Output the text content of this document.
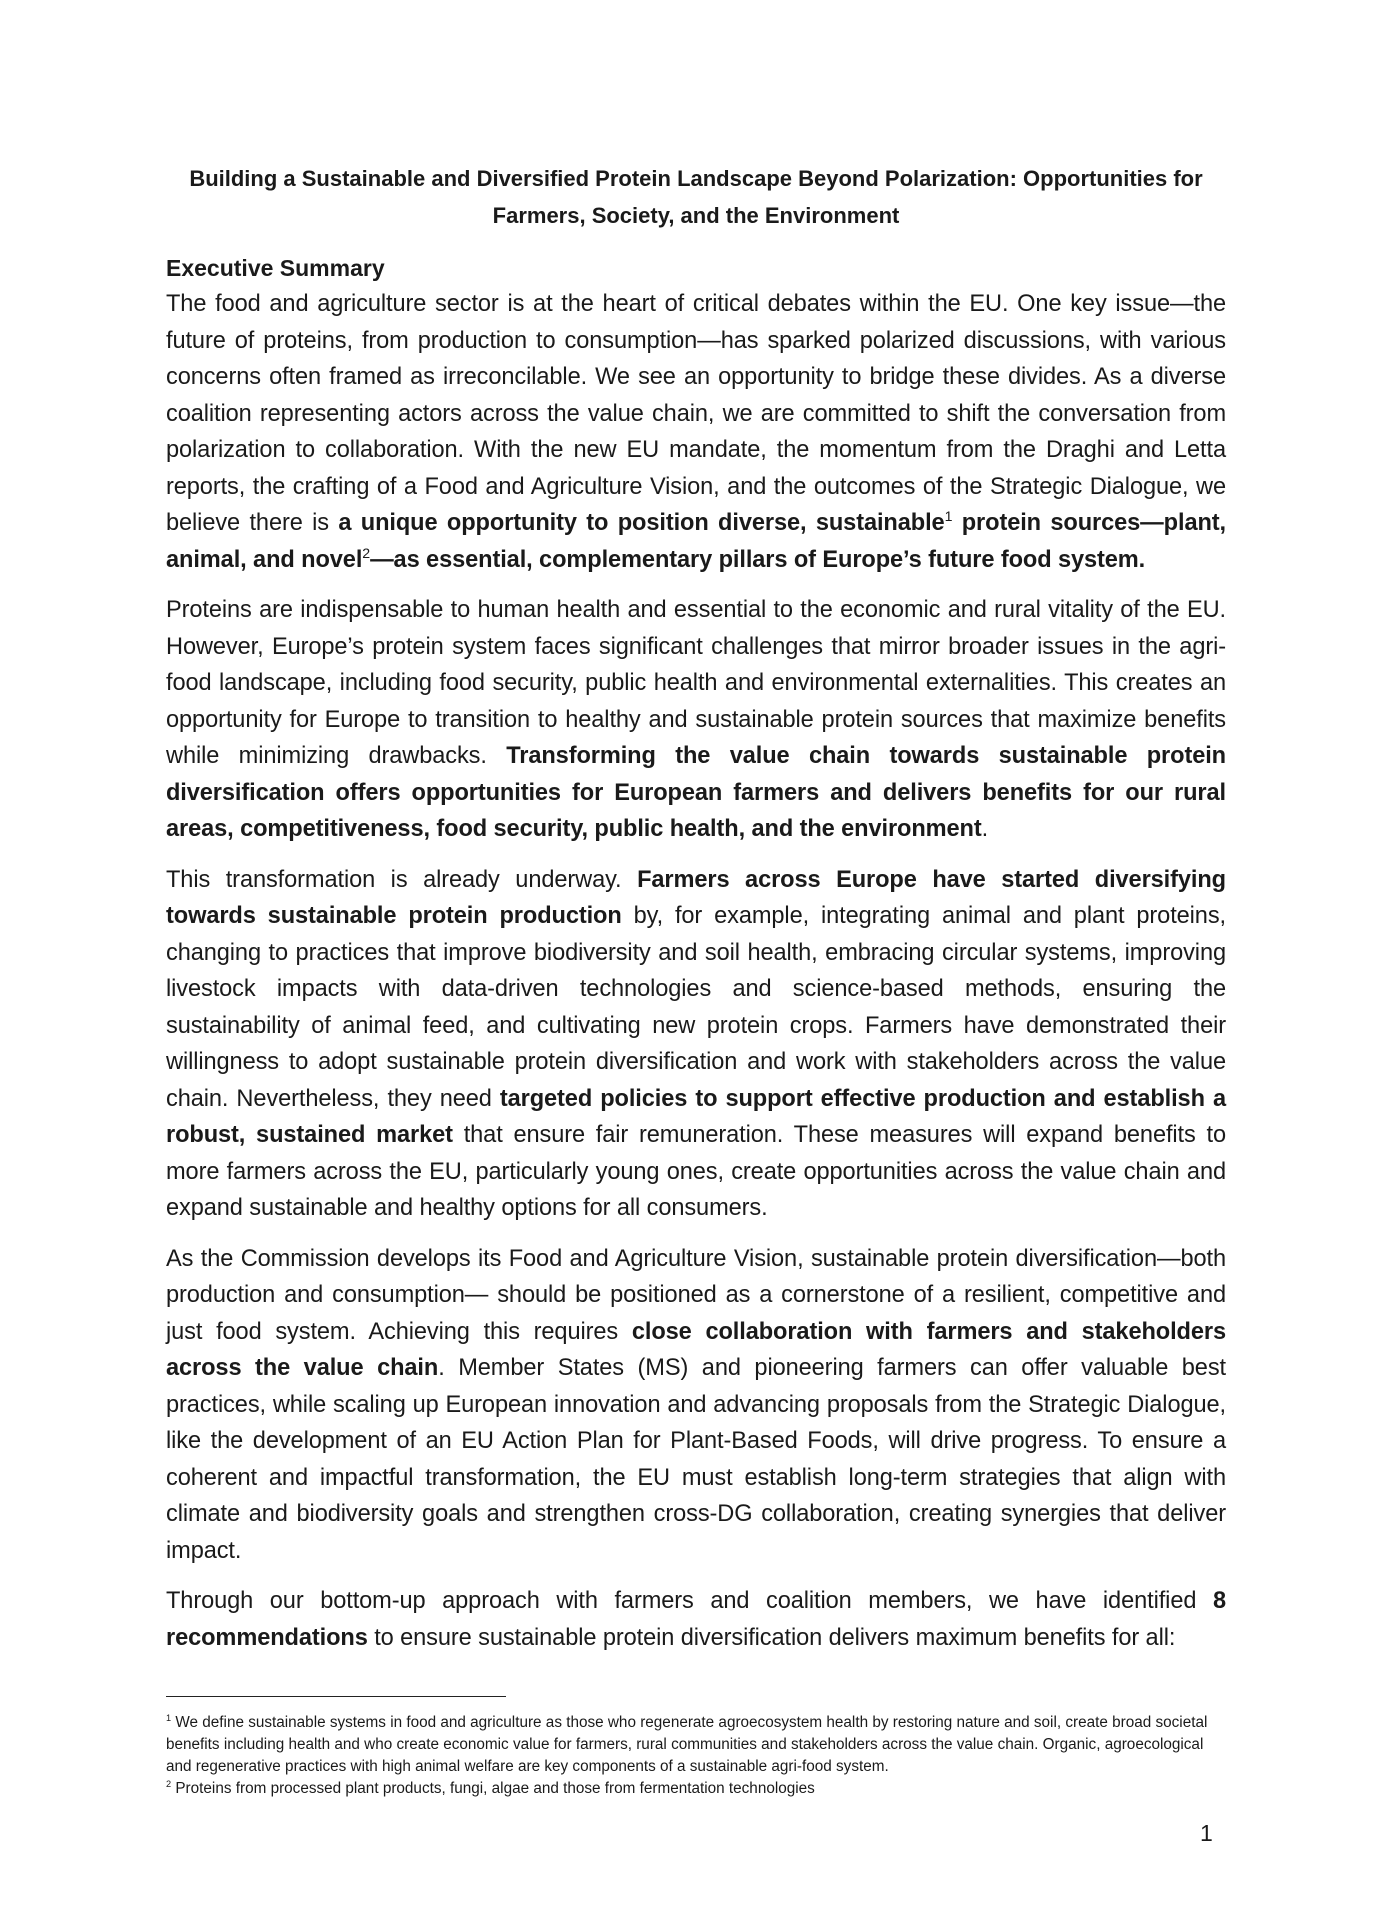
Building a Sustainable and Diversified Protein Landscape Beyond Polarization: Opportunities for
Farmers, Society, and the Environment

Executive Summary

The food and agriculture sector is at the heart of critical debates within the EU. One key issue—the future of proteins, from production to consumption—has sparked polarized discussions, with various concerns often framed as irreconcilable. We see an opportunity to bridge these divides. As a diverse coalition representing actors across the value chain, we are committed to shift the conversation from polarization to collaboration. With the new EU mandate, the momentum from the Draghi and Letta reports, the crafting of a Food and Agriculture Vision, and the outcomes of the Strategic Dialogue, we believe there is a unique opportunity to position diverse, sustainable$^1$ protein sources—plant, animal, and novel$^2$—as essential, complementary pillars of Europe’s future food system.

Proteins are indispensable to human health and essential to the economic and rural vitality of the EU. However, Europe’s protein system faces significant challenges that mirror broader issues in the agri-food landscape, including food security, public health and environmental externalities. This creates an opportunity for Europe to transition to healthy and sustainable protein sources that maximize benefits while minimizing drawbacks. Transforming the value chain towards sustainable protein diversification offers opportunities for European farmers and delivers benefits for our rural areas, competitiveness, food security, public health, and the environment.

This transformation is already underway. Farmers across Europe have started diversifying towards sustainable protein production by, for example, integrating animal and plant proteins, changing to practices that improve biodiversity and soil health, embracing circular systems, improving livestock impacts with data-driven technologies and science-based methods, ensuring the sustainability of animal feed, and cultivating new protein crops. Farmers have demonstrated their willingness to adopt sustainable protein diversification and work with stakeholders across the value chain. Nevertheless, they need targeted policies to support effective production and establish a robust, sustained market that ensure fair remuneration. These measures will expand benefits to more farmers across the EU, particularly young ones, create opportunities across the value chain and expand sustainable and healthy options for all consumers.

As the Commission develops its Food and Agriculture Vision, sustainable protein diversification—both production and consumption— should be positioned as a cornerstone of a resilient, competitive and just food system. Achieving this requires close collaboration with farmers and stakeholders across the value chain. Member States (MS) and pioneering farmers can offer valuable best practices, while scaling up European innovation and advancing proposals from the Strategic Dialogue, like the development of an EU Action Plan for Plant-Based Foods, will drive progress. To ensure a coherent and impactful transformation, the EU must establish long-term strategies that align with climate and biodiversity goals and strengthen cross-DG collaboration, creating synergies that deliver impact.

Through our bottom-up approach with farmers and coalition members, we have identified 8 recommendations to ensure sustainable protein diversification delivers maximum benefits for all:

$^1$ We define sustainable systems in food and agriculture as those who regenerate agroecosystem health by restoring nature and soil, create broad societal benefits including health and who create economic value for farmers, rural communities and stakeholders across the value chain. Organic, agroecological and regenerative practices with high animal welfare are key components of a sustainable agri-food system.

$^2$ Proteins from processed plant products, fungi, algae and those from fermentation technologies

1
